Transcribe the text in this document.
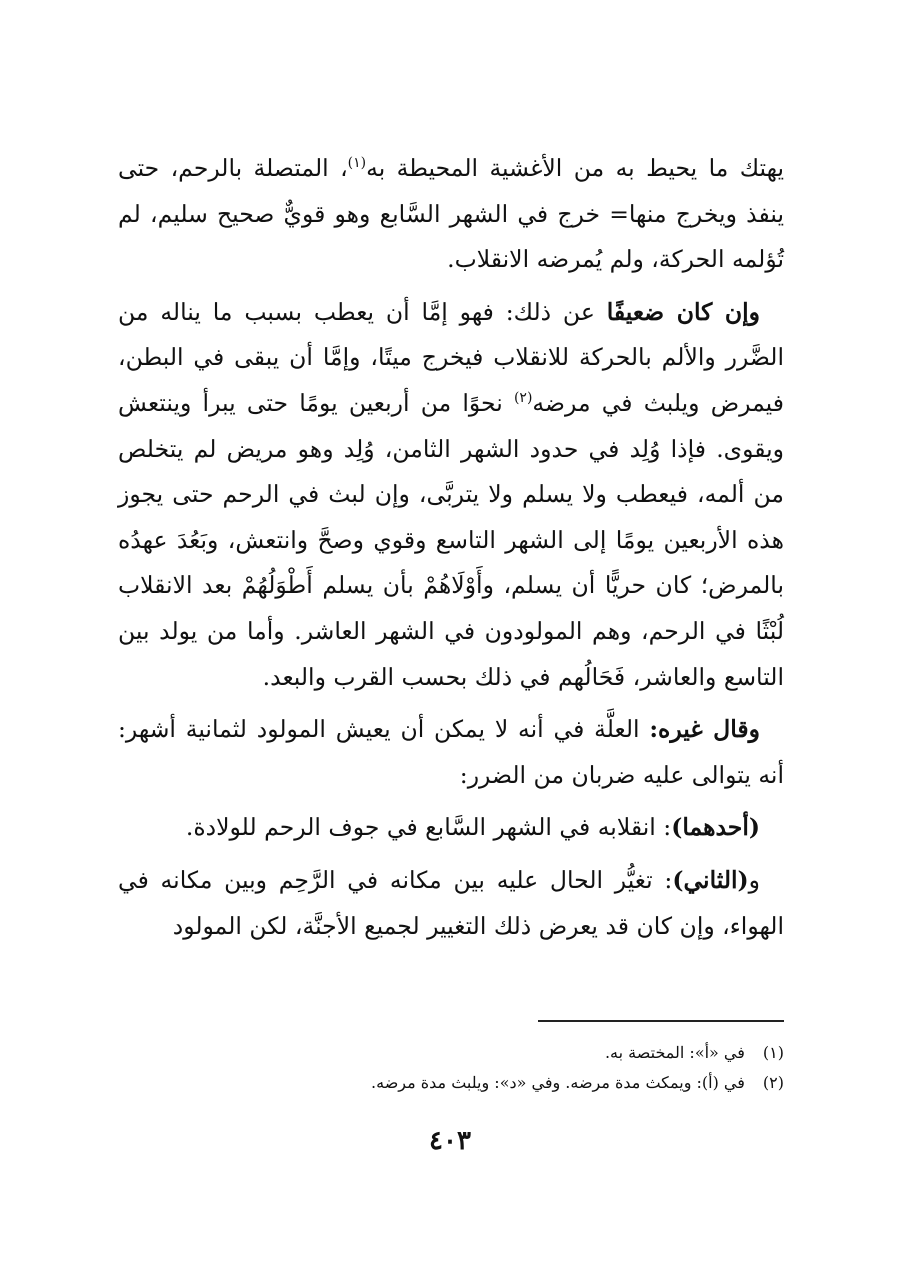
يهتك ما يحيط به من الأغشية المحيطة به$^{(١)}$، المتصلة بالرحم، حتى ينفذ ويخرج منها= خرج في الشهر السَّابع وهو قويٌّ صحيح سليم، لم تُؤلمه الحركة، ولم يُمرضه الانقلاب.

وإن كان ضعيفًا عن ذلك: فهو إمَّا أن يعطب بسبب ما يناله من الضَّرر والألم بالحركة للانقلاب فيخرج ميتًا، وإمَّا أن يبقى في البطن، فيمرض ويلبث في مرضه$^{(٢)}$ نحوًا من أربعين يومًا حتى يبرأ وينتعش ويقوى. فإذا وُلِد في حدود الشهر الثامن، وُلِد وهو مريض لم يتخلص من ألمه، فيعطب ولا يسلم ولا يتربَّى، وإن لبث في الرحم حتى يجوز هذه الأربعين يومًا إلى الشهر التاسع وقوي وصحَّ وانتعش، وبَعُدَ عهدُه بالمرض؛ كان حريًّا أن يسلم، وأَوْلَاهُمْ بأن يسلم أَطْوَلُهُمْ بعد الانقلاب لُبْثًا في الرحم، وهم المولودون في الشهر العاشر. وأما من يولد بين التاسع والعاشر، فَحَالُهم في ذلك بحسب القرب والبعد.

وقال غيره: العلَّة في أنه لا يمكن أن يعيش المولود لثمانية أشهر: أنه يتوالى عليه ضربان من الضرر:

(أحدهما): انقلابه في الشهر السَّابع في جوف الرحم للولادة.

و(الثاني): تغيُّر الحال عليه بين مكانه في الرَّحِم وبين مكانه في الهواء، وإن كان قد يعرض ذلك التغيير لجميع الأجنَّة، لكن المولود

(١) في «أ»: المختصة به.

(٢) في (أ): ويمكث مدة مرضه. وفي «د»: ويلبث مدة مرضه.

٤٠٣
